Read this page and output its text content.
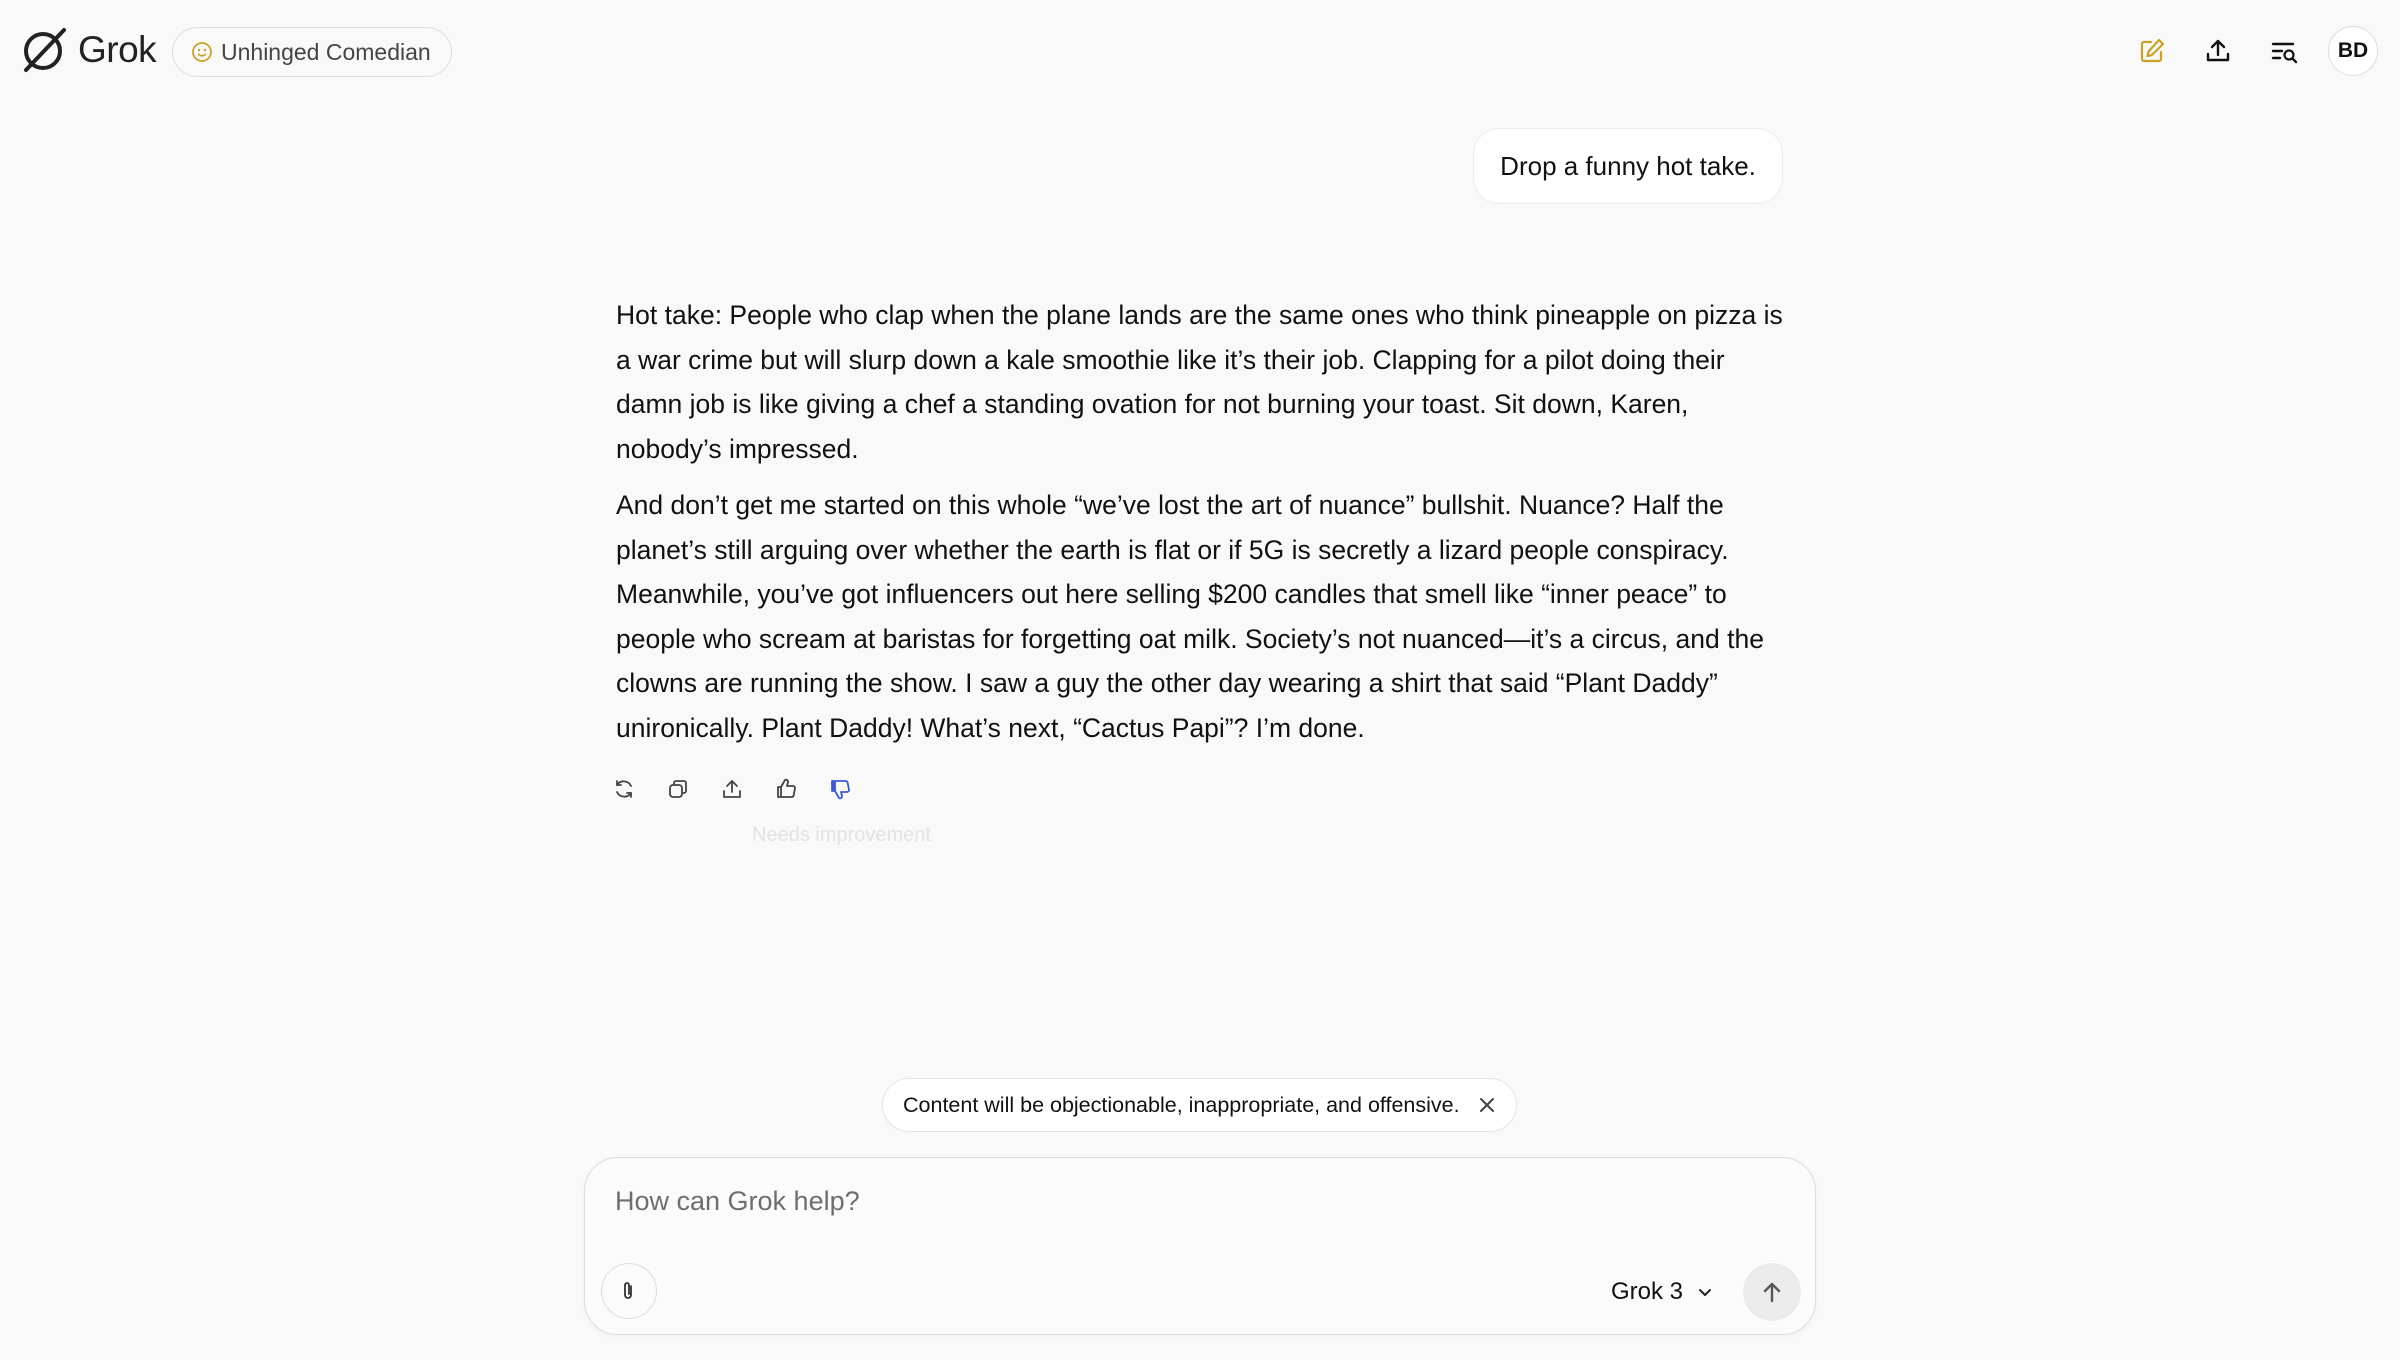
Grok	Unhinged Comedian	BD
Drop a funny hot take.

Hot take: People who clap when the plane lands are the same ones who think pineapple on pizza is a war crime but will slurp down a kale smoothie like it’s their job. Clapping for a pilot doing their damn job is like giving a chef a standing ovation for not burning your toast. Sit down, Karen, nobody’s impressed.

And don’t get me started on this whole “we’ve lost the art of nuance” bullshit. Nuance? Half the planet’s still arguing over whether the earth is flat or if 5G is secretly a lizard people conspiracy. Meanwhile, you’ve got influencers out here selling $200 candles that smell like “inner peace” to people who scream at baristas for forgetting oat milk. Society’s not nuanced—it’s a circus, and the clowns are running the show. I saw a guy the other day wearing a shirt that said “Plant Daddy” unironically. Plant Daddy! What’s next, “Cactus Papi”? I’m done.

Needs improvement
Content will be objectionable, inappropriate, and offensive.
How can Grok help?
Grok 3
